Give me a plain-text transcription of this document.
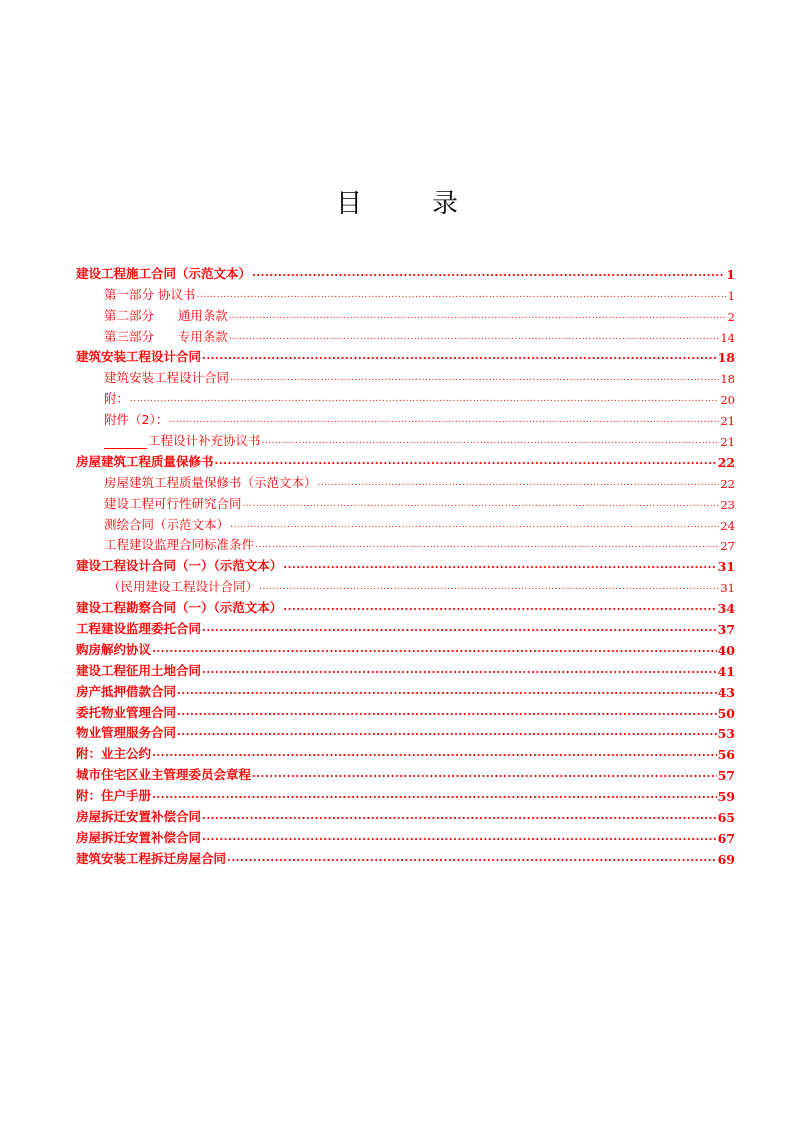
目	录
建设工程施工合同（示范文本） .....	1
第一部分 协议书 .....	1
第二部分      通用条款 .....	2
第三部分      专用条款 .....	14
建筑安装工程设计合同 .....	18
建筑安装工程设计合同 .....	18
附： .....	20
附件（2）： .....	21
工程设计补充协议书 .....	21
房屋建筑工程质量保修书 .....	22
房屋建筑工程质量保修书（示范文本） .....	22
建设工程可行性研究合同 .....	23
测绘合同（示范文本） .....	24
工程建设监理合同标准条件 .....	27
建设工程设计合同（一）（示范文本） .....	31
（民用建设工程设计合同） .....	31
建设工程勘察合同（一）（示范文本） .....	34
工程建设监理委托合同 .....	37
购房解约协议 .....	40
建设工程征用土地合同 .....	41
房产抵押借款合同 .....	43
委托物业管理合同 .....	50
物业管理服务合同 .....	53
附：业主公约 .....	56
城市住宅区业主管理委员会章程 .....	57
附：住户手册 .....	59
房屋拆迁安置补偿合同 .....	65
房屋拆迁安置补偿合同 .....	67
建筑安装工程拆迁房屋合同 .....	69
